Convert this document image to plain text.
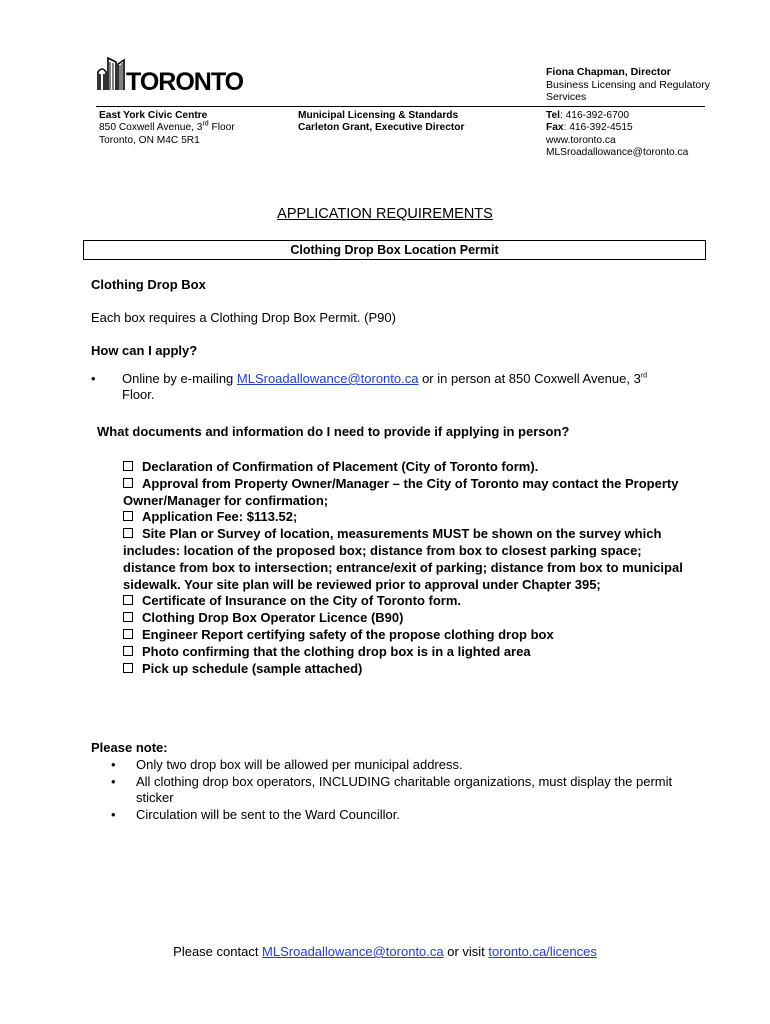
TORONTO	Fiona Chapman, Director
Business Licensing and Regulatory
Services
East York Civic Centre
850 Coxwell Avenue, 3rd Floor
Toronto, ON M4C 5R1
Municipal Licensing & Standards
Carleton Grant, Executive Director
Tel: 416-392-6700
Fax: 416-392-4515
www.toronto.ca
MLSroadallowance@toronto.ca
APPLICATION REQUIREMENTS
Clothing Drop Box Location Permit
Clothing Drop Box
Each box requires a Clothing Drop Box Permit. (P90)
How can I apply?
• Online by e-mailing MLSroadallowance@toronto.ca or in person at 850 Coxwell Avenue, 3rd
Floor.
What documents and information do I need to provide if applying in person?
Declaration of Confirmation of Placement (City of Toronto form).
Approval from Property Owner/Manager – the City of Toronto may contact the Property Owner/Manager for confirmation;
Application Fee: $113.52;
Site Plan or Survey of location, measurements MUST be shown on the survey which includes: location of the proposed box; distance from box to closest parking space; distance from box to intersection; entrance/exit of parking; distance from box to municipal sidewalk. Your site plan will be reviewed prior to approval under Chapter 395;
Certificate of Insurance on the City of Toronto form.
Clothing Drop Box Operator Licence (B90)
Engineer Report certifying safety of the propose clothing drop box
Photo confirming that the clothing drop box is in a lighted area
Pick up schedule (sample attached)
Please note:
• Only two drop box will be allowed per municipal address.
• All clothing drop box operators, INCLUDING charitable organizations, must display the permit sticker
• Circulation will be sent to the Ward Councillor.
Please contact MLSroadallowance@toronto.ca or visit toronto.ca/licences
